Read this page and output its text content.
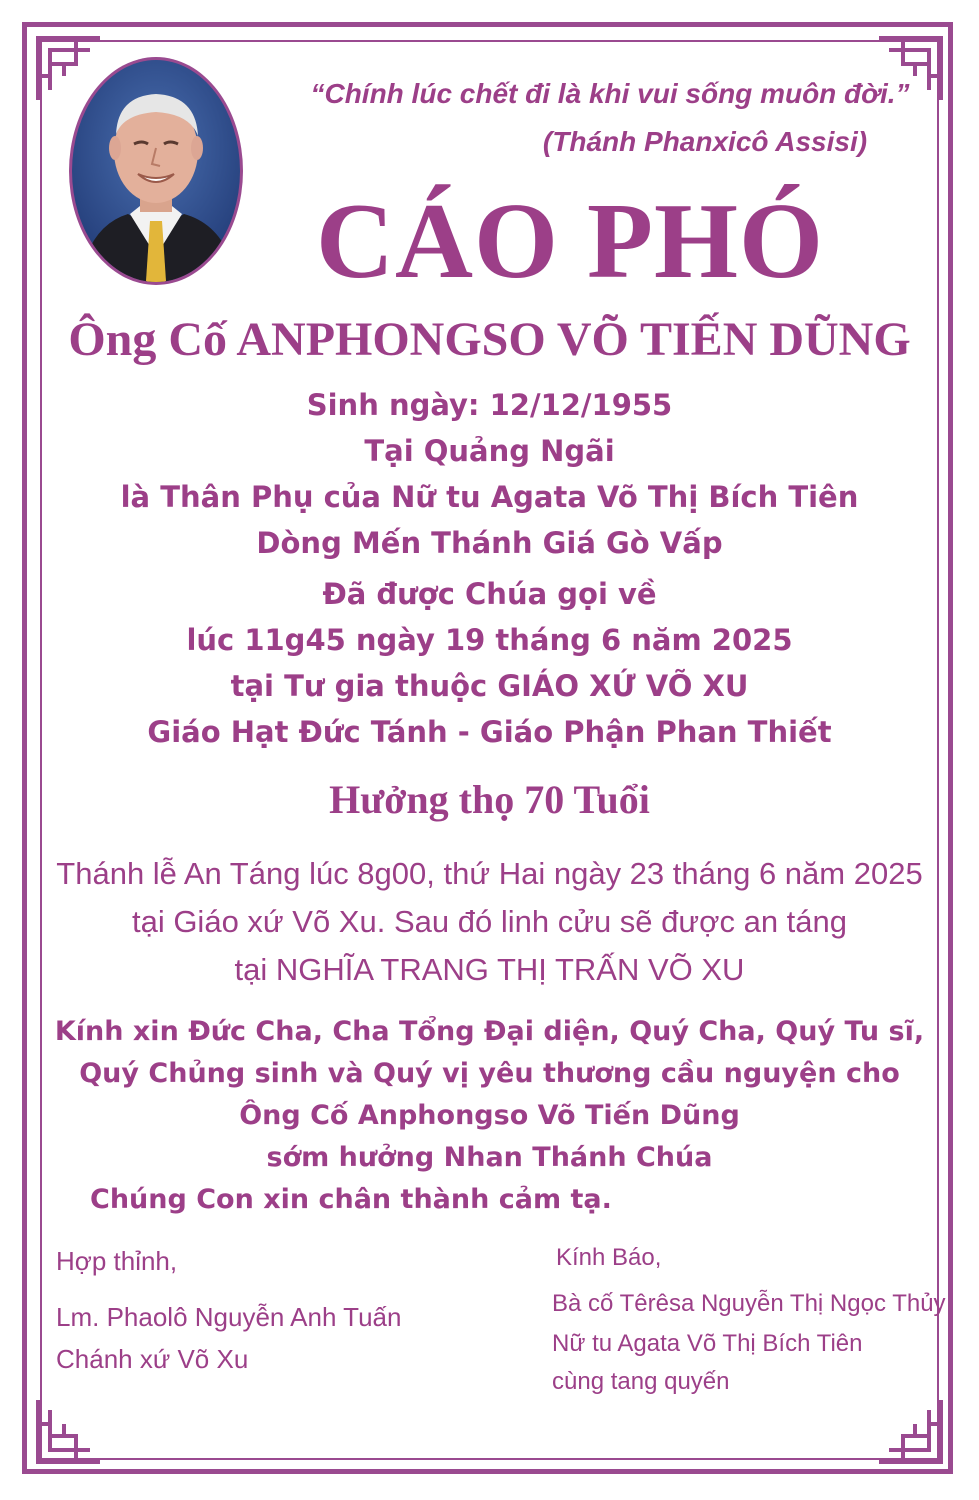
“Chính lúc chết đi là khi vui sống muôn đời.”
(Thánh Phanxicô Assisi)
CÁO PHÓ
Ông Cố ANPHONGSO VÕ TIẾN DŨNG
Sinh ngày: 12/12/1955
Tại Quảng Ngãi
là Thân Phụ của Nữ tu Agata Võ Thị Bích Tiên
Dòng Mến Thánh Giá Gò Vấp
Đã được Chúa gọi về
lúc 11g45 ngày 19 tháng 6 năm 2025
tại Tư gia thuộc GIÁO XỨ VÕ XU
Giáo Hạt Đức Tánh - Giáo Phận Phan Thiết
Hưởng thọ 70 Tuổi
Thánh lễ An Táng lúc 8g00, thứ Hai ngày 23 tháng 6 năm 2025
tại Giáo xứ Võ Xu. Sau đó linh cửu sẽ được an táng
tại NGHĨA TRANG THỊ TRẤN VÕ XU
Kính xin Đức Cha, Cha Tổng Đại diện, Quý Cha, Quý Tu sĩ,
Quý Chủng sinh và Quý vị yêu thương cầu nguyện cho
Ông Cố Anphongso Võ Tiến Dũng
sớm hưởng Nhan Thánh Chúa
Chúng Con xin chân thành cảm tạ.
Hợp thỉnh,
Lm. Phaolô Nguyễn Anh Tuấn
Chánh xứ Võ Xu
Kính Báo,
Bà cố Têrêsa Nguyễn Thị Ngọc Thủy
Nữ tu Agata Võ Thị Bích Tiên
cùng tang quyến
